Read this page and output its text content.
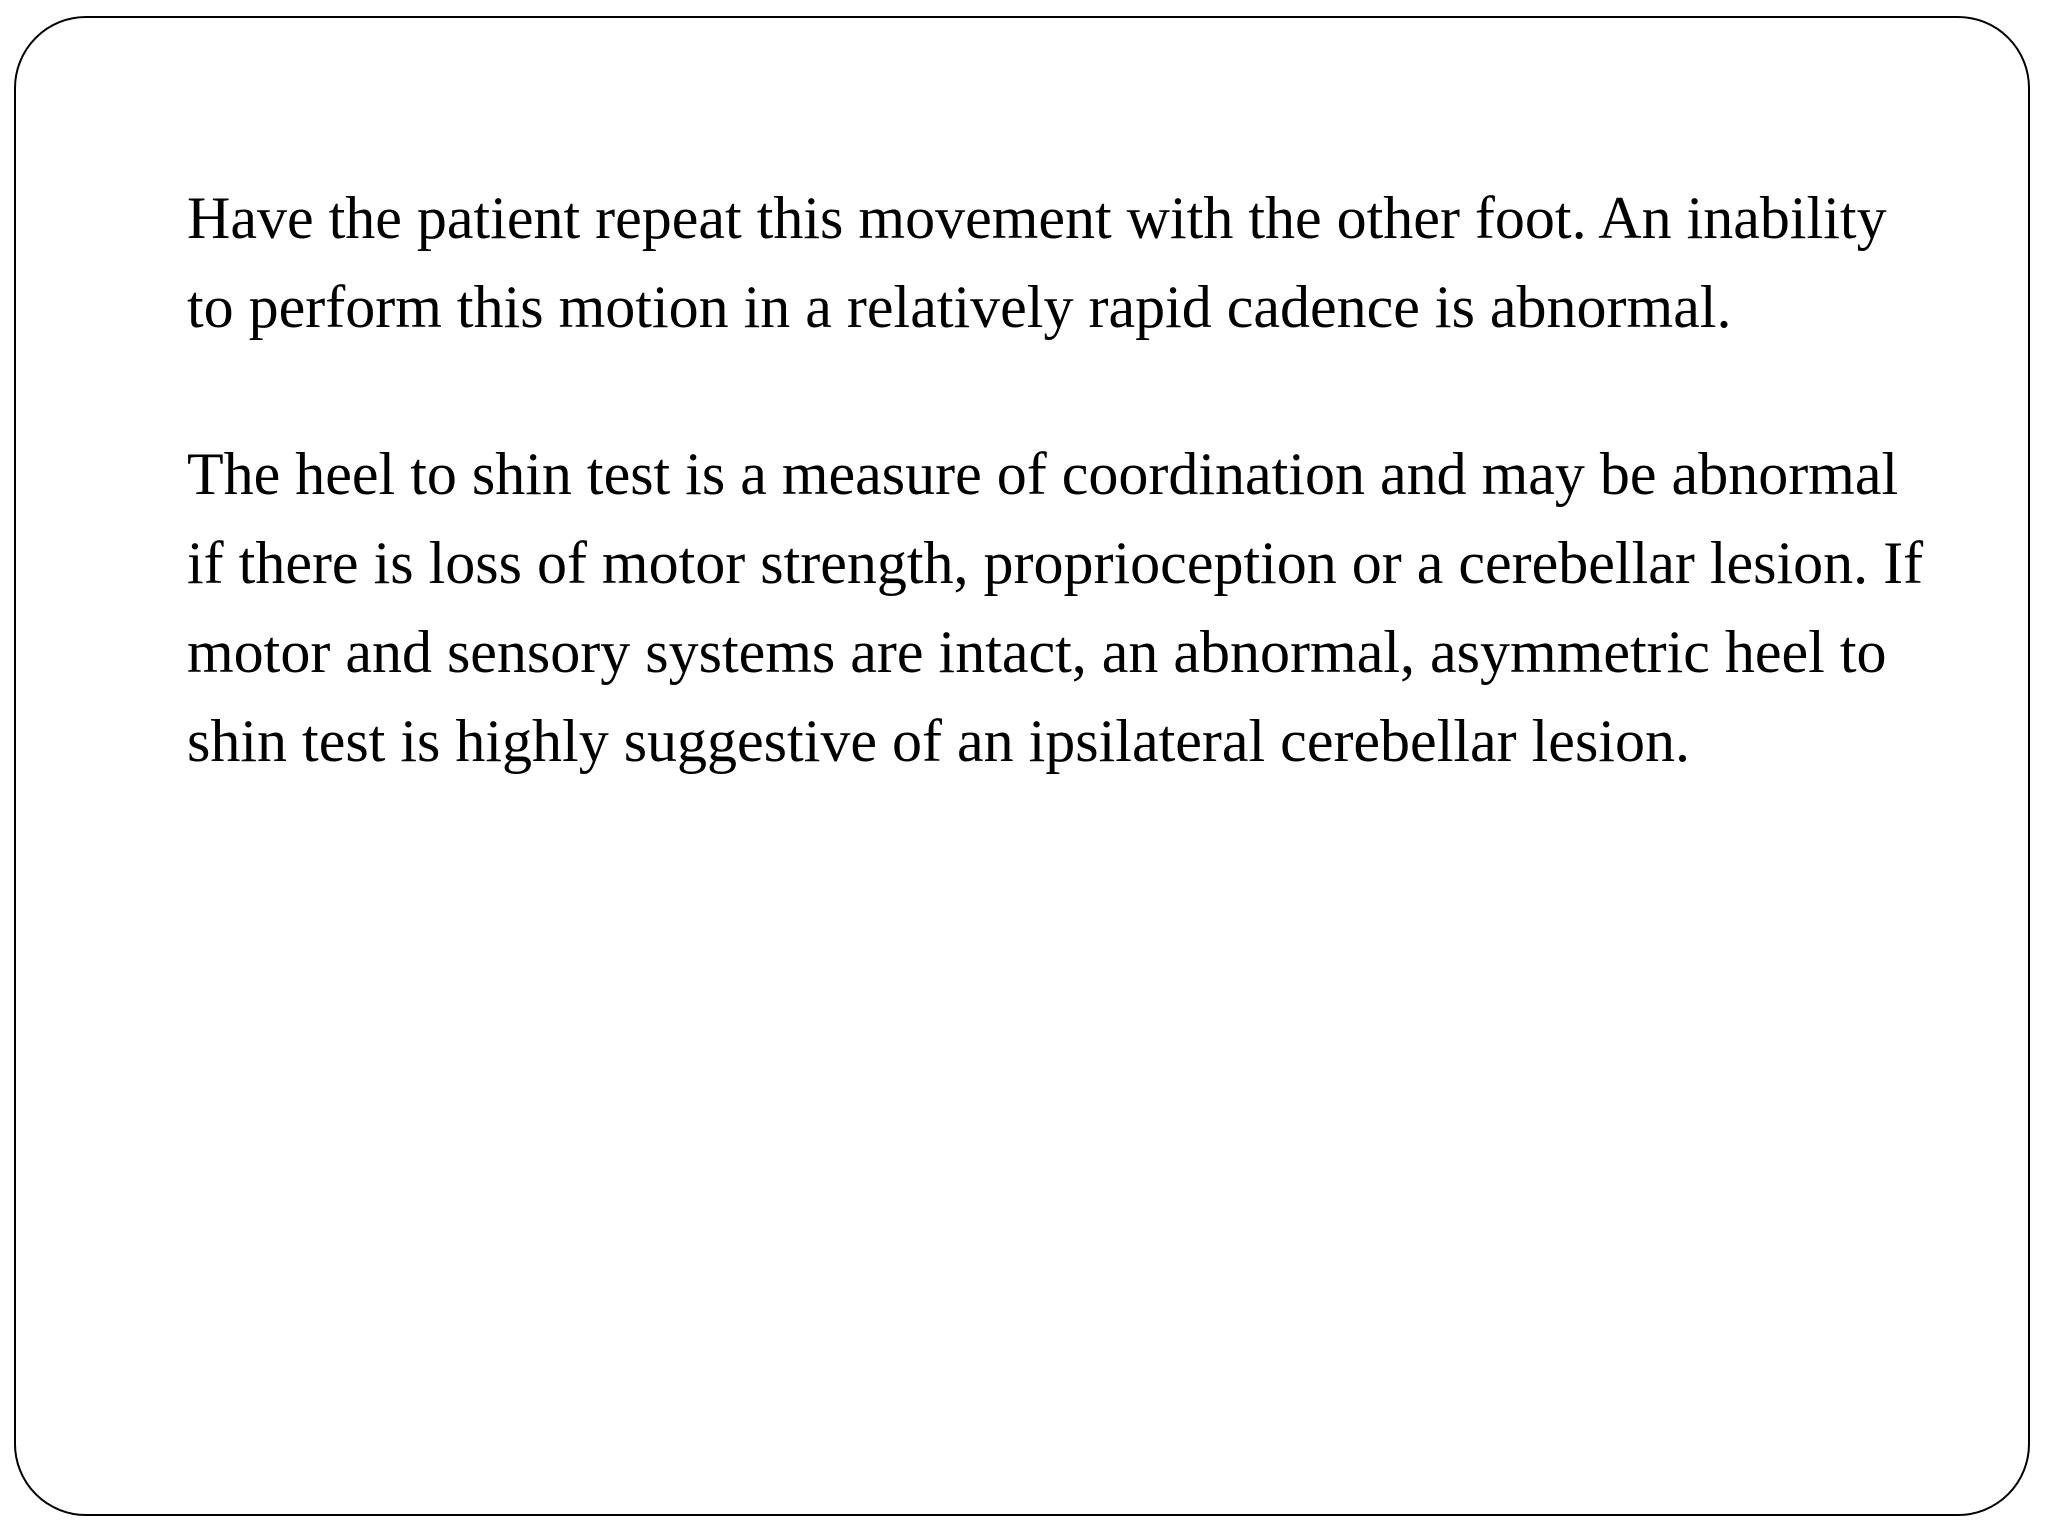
Have the patient repeat this movement with the other foot. An inability to perform this motion in a relatively rapid cadence is abnormal.

The heel to shin test is a measure of coordination and may be abnormal if there is loss of motor strength, proprioception or a cerebellar lesion. If motor and sensory systems are intact, an abnormal, asymmetric heel to shin test is highly suggestive of an ipsilateral cerebellar lesion.
